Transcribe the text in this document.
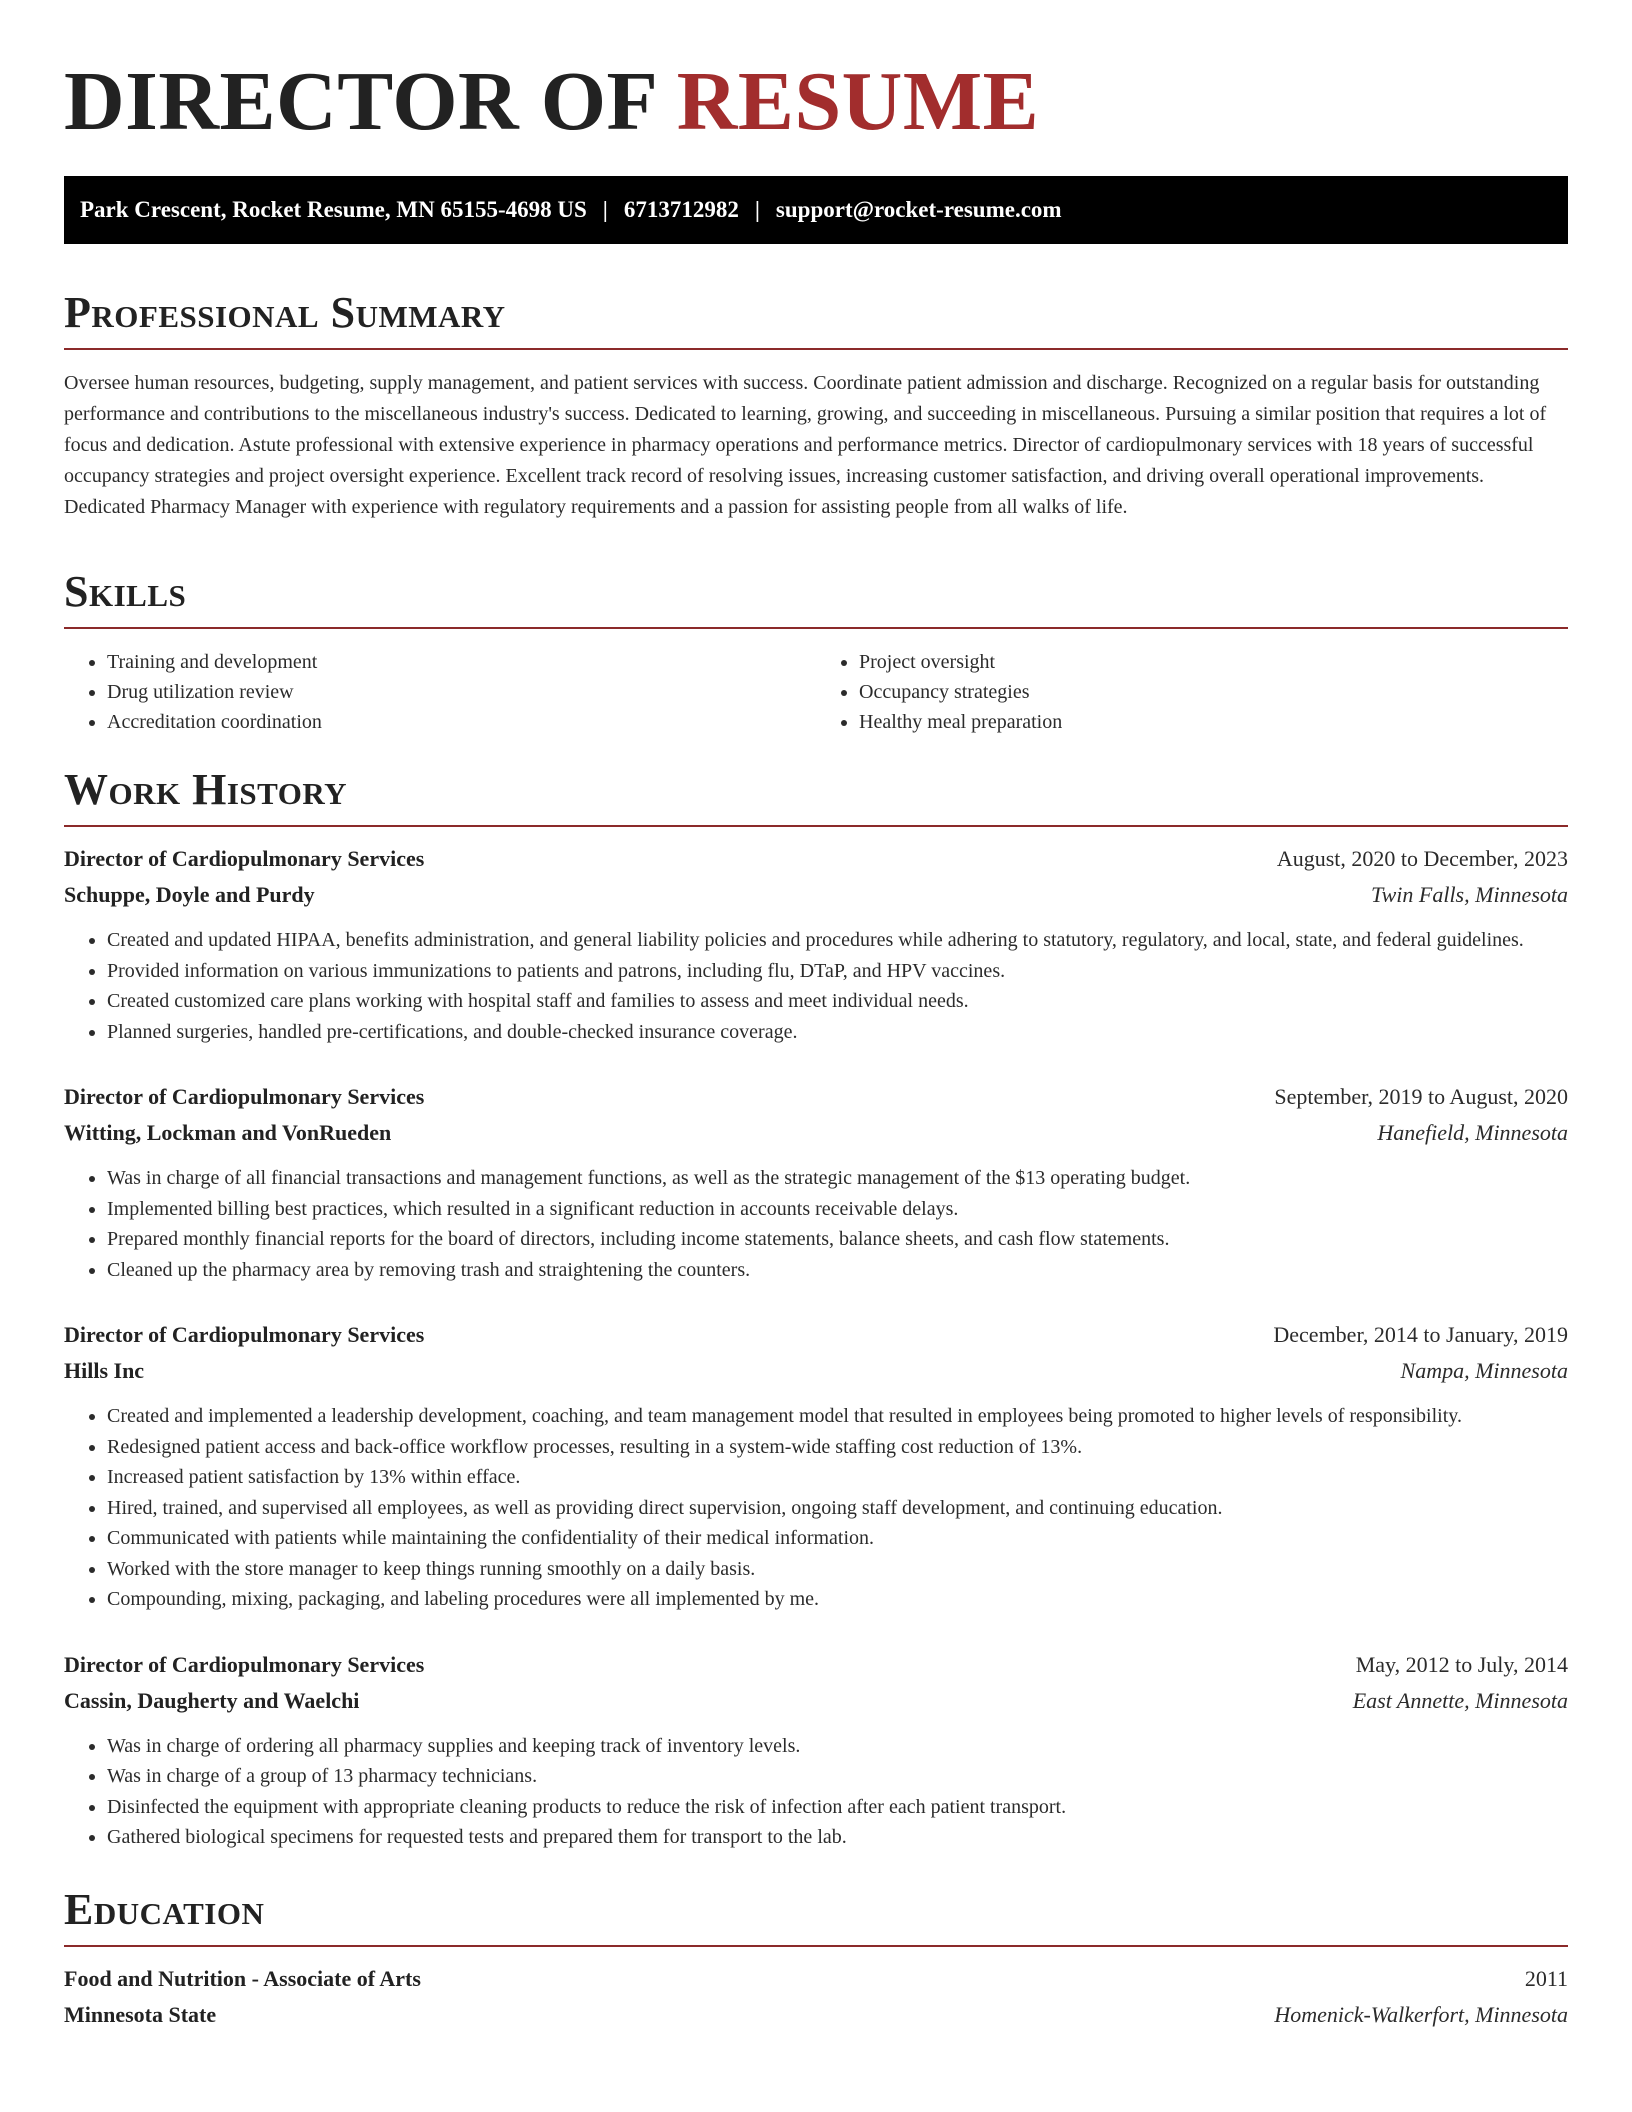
DIRECTOR OF RESUME
Park Crescent, Rocket Resume, MN 65155-4698 US | 6713712982 | support@rocket-resume.com
Professional Summary

Oversee human resources, budgeting, supply management, and patient services with success. Coordinate patient admission and discharge. Recognized on a regular basis for outstanding performance and contributions to the miscellaneous industry's success. Dedicated to learning, growing, and succeeding in miscellaneous. Pursuing a similar position that requires a lot of focus and dedication. Astute professional with extensive experience in pharmacy operations and performance metrics. Director of cardiopulmonary services with 18 years of successful occupancy strategies and project oversight experience. Excellent track record of resolving issues, increasing customer satisfaction, and driving overall operational improvements. Dedicated Pharmacy Manager with experience with regulatory requirements and a passion for assisting people from all walks of life.

Skills
• Training and development
• Drug utilization review
• Accreditation coordination
• Project oversight
• Occupancy strategies
• Healthy meal preparation
Work History
Director of Cardiopulmonary Services	August, 2020 to December, 2023
Schuppe, Doyle and Purdy	Twin Falls, Minnesota
• Created and updated HIPAA, benefits administration, and general liability policies and procedures while adhering to statutory, regulatory, and local, state, and federal guidelines.
• Provided information on various immunizations to patients and patrons, including flu, DTaP, and HPV vaccines.
• Created customized care plans working with hospital staff and families to assess and meet individual needs.
• Planned surgeries, handled pre-certifications, and double-checked insurance coverage.
Director of Cardiopulmonary Services	September, 2019 to August, 2020
Witting, Lockman and VonRueden	Hanefield, Minnesota
• Was in charge of all financial transactions and management functions, as well as the strategic management of the $13 operating budget.
• Implemented billing best practices, which resulted in a significant reduction in accounts receivable delays.
• Prepared monthly financial reports for the board of directors, including income statements, balance sheets, and cash flow statements.
• Cleaned up the pharmacy area by removing trash and straightening the counters.
Director of Cardiopulmonary Services	December, 2014 to January, 2019
Hills Inc	Nampa, Minnesota
• Created and implemented a leadership development, coaching, and team management model that resulted in employees being promoted to higher levels of responsibility.
• Redesigned patient access and back-office workflow processes, resulting in a system-wide staffing cost reduction of 13%.
• Increased patient satisfaction by 13% within efface.
• Hired, trained, and supervised all employees, as well as providing direct supervision, ongoing staff development, and continuing education.
• Communicated with patients while maintaining the confidentiality of their medical information.
• Worked with the store manager to keep things running smoothly on a daily basis.
• Compounding, mixing, packaging, and labeling procedures were all implemented by me.
Director of Cardiopulmonary Services	May, 2012 to July, 2014
Cassin, Daugherty and Waelchi	East Annette, Minnesota
• Was in charge of ordering all pharmacy supplies and keeping track of inventory levels.
• Was in charge of a group of 13 pharmacy technicians.
• Disinfected the equipment with appropriate cleaning products to reduce the risk of infection after each patient transport.
• Gathered biological specimens for requested tests and prepared them for transport to the lab.
Education
Food and Nutrition - Associate of Arts	2011
Minnesota State	Homenick-Walkerfort, Minnesota
